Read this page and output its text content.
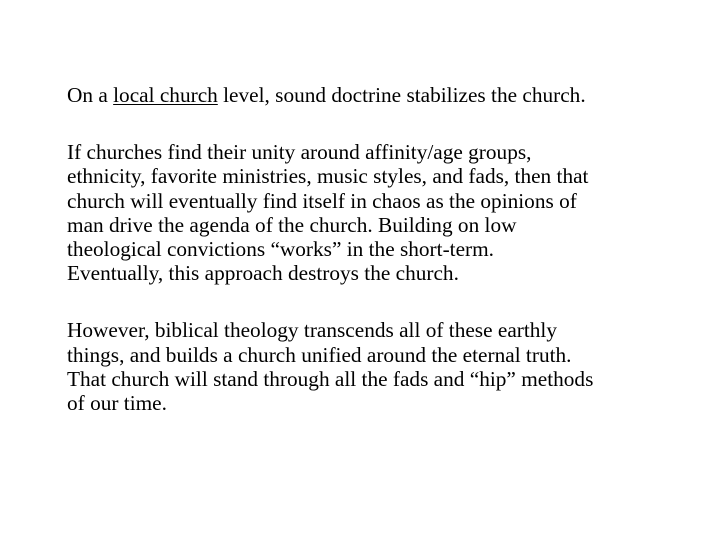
On a local church level, sound doctrine stabilizes the church.

If churches find their unity around affinity/age groups,
ethnicity, favorite ministries, music styles, and fads, then that
church will eventually find itself in chaos as the opinions of
man drive the agenda of the church. Building on low
theological convictions “works” in the short-term.
Eventually, this approach destroys the church.

However, biblical theology transcends all of these earthly
things, and builds a church unified around the eternal truth.
That church will stand through all the fads and “hip” methods
of our time.
